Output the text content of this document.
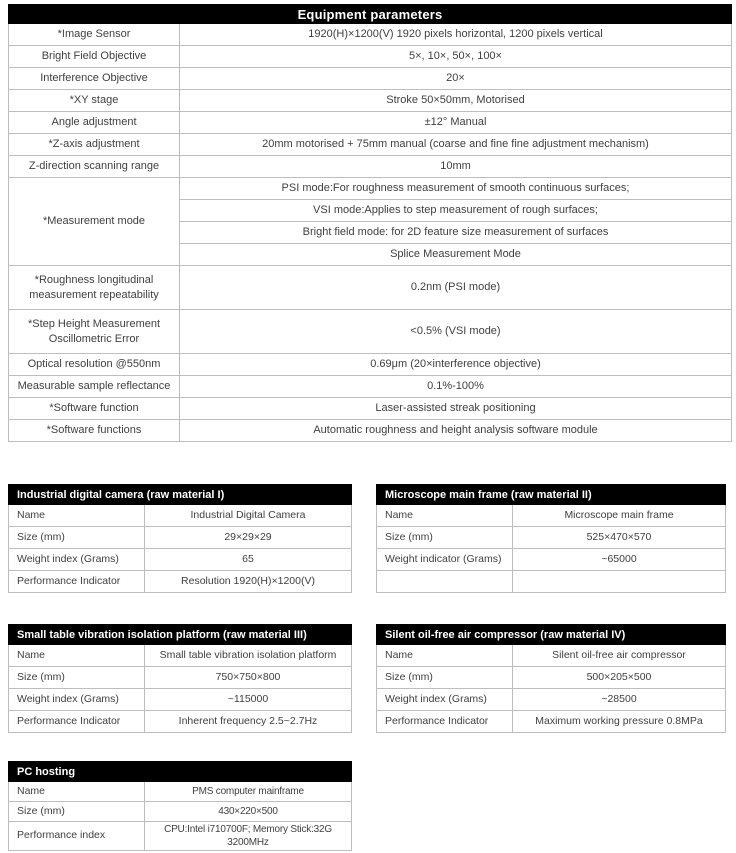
Equipment parameters	
*Image Sensor	1920(H)×1200(V) 1920 pixels horizontal, 1200 pixels vertical
Bright Field Objective	5×, 10×, 50×, 100×
Interference Objective	20×
*XY stage	Stroke 50×50mm, Motorised
Angle adjustment	±12° Manual
*Z-axis adjustment	20mm motorised + 75mm manual (coarse and fine fine adjustment mechanism)
Z-direction scanning range	10mm
*Measurement mode	PSI mode:For roughness measurement of smooth continuous surfaces;
	VSI mode:Applies to step measurement of rough surfaces;
	Bright field mode: for 2D feature size measurement of surfaces
	Splice Measurement Mode
*Roughness longitudinal measurement repeatability	0.2nm (PSI mode)
*Step Height Measurement Oscillometric Error	<0.5% (VSI mode)
Optical resolution @550nm	0.69μm (20×interference objective)
Measurable sample reflectance	0.1%-100%
*Software function	Laser-assisted streak positioning
*Software functions	Automatic roughness and height analysis software module
Industrial digital camera (raw material I)	
Name	Industrial Digital Camera
Size (mm)	29×29×29
Weight index (Grams)	65
Performance Indicator	Resolution 1920(H)×1200(V)
Microscope main frame (raw material II)	
Name	Microscope main frame
Size (mm)	525×470×570
Weight indicator (Grams)	~65000

Small table vibration isolation platform (raw material III)	
Name	Small table vibration isolation platform
Size (mm)	750×750×800
Weight index (Grams)	~115000
Performance Indicator	Inherent frequency 2.5~2.7Hz
Silent oil-free air compressor (raw material IV)	
Name	Silent oil-free air compressor
Size (mm)	500×205×500
Weight index (Grams)	~28500
Performance Indicator	Maximum working pressure 0.8MPa
PC hosting	
Name	PMS computer mainframe
Size (mm)	430×220×500
Performance index	CPU:Intel i710700F; Memory Stick:32G 3200MHz
